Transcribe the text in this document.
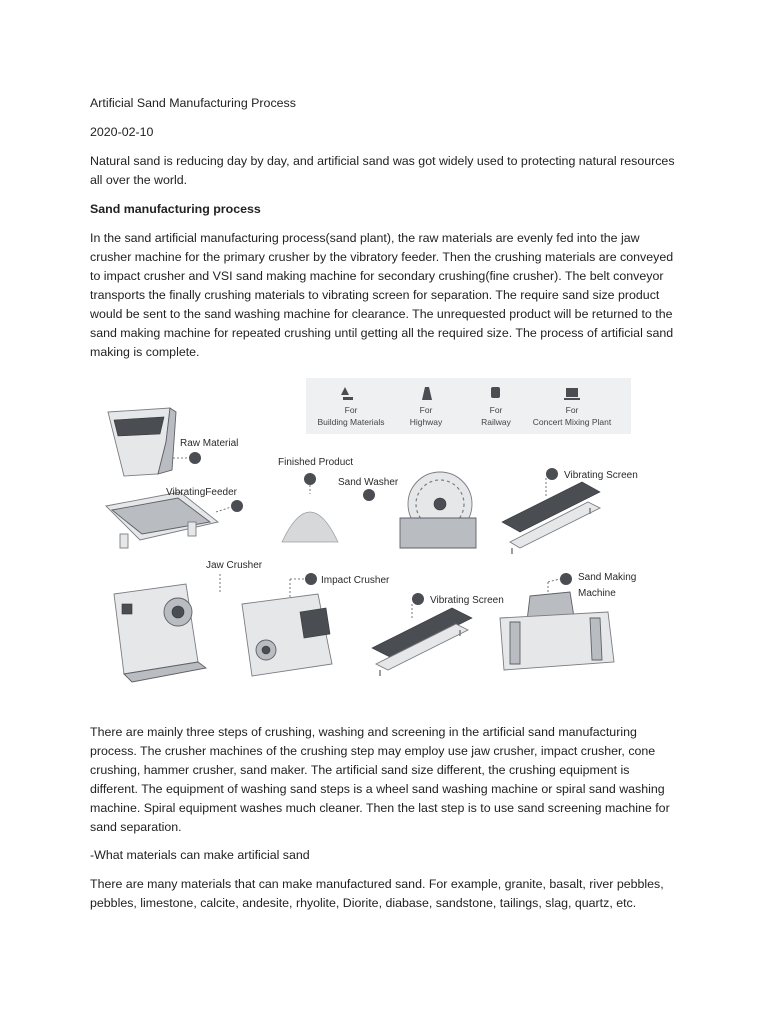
Artificial Sand Manufacturing Process

2020-02-10

Natural sand is reducing day by day, and artificial sand was got widely used to protecting natural resources all over the world.

Sand manufacturing process

In the sand artificial manufacturing process(sand plant), the raw materials are evenly fed into the jaw crusher machine for the primary crusher by the vibratory feeder. Then the crushing materials are conveyed to impact crusher and VSI sand making machine for secondary crushing(fine crusher). The belt conveyor transports the finally crushing materials to vibrating screen for separation. The require sand size product would be sent to the sand washing machine for clearance. The unrequested product will be returned to the sand making machine for repeated crushing until getting all the required size. The process of artificial sand making is complete.

There are mainly three steps of crushing, washing and screening in the artificial sand manufacturing process. The crusher machines of the crushing step may employ use jaw crusher, impact crusher, cone crushing, hammer crusher, sand maker. The artificial sand size different, the crushing equipment is different. The equipment of washing sand steps is a wheel sand washing machine or spiral sand washing machine. Spiral equipment washes much cleaner. Then the last step is to use sand screening machine for sand separation.

-What materials can make artificial sand

There are many materials that can make manufactured sand. For example, granite, basalt, river pebbles, pebbles, limestone, calcite, andesite, rhyolite, Diorite, diabase, sandstone, tailings, slag, quartz, etc.

For
Building Materials
For
Highway
For
Railway
For
Concert Mixing Plant
Raw Material
VibratingFeeder
Jaw Crusher
Finished Product
Sand Washer
Vibrating Screen
Impact Crusher
Vibrating Screen
Sand Making
Machine
